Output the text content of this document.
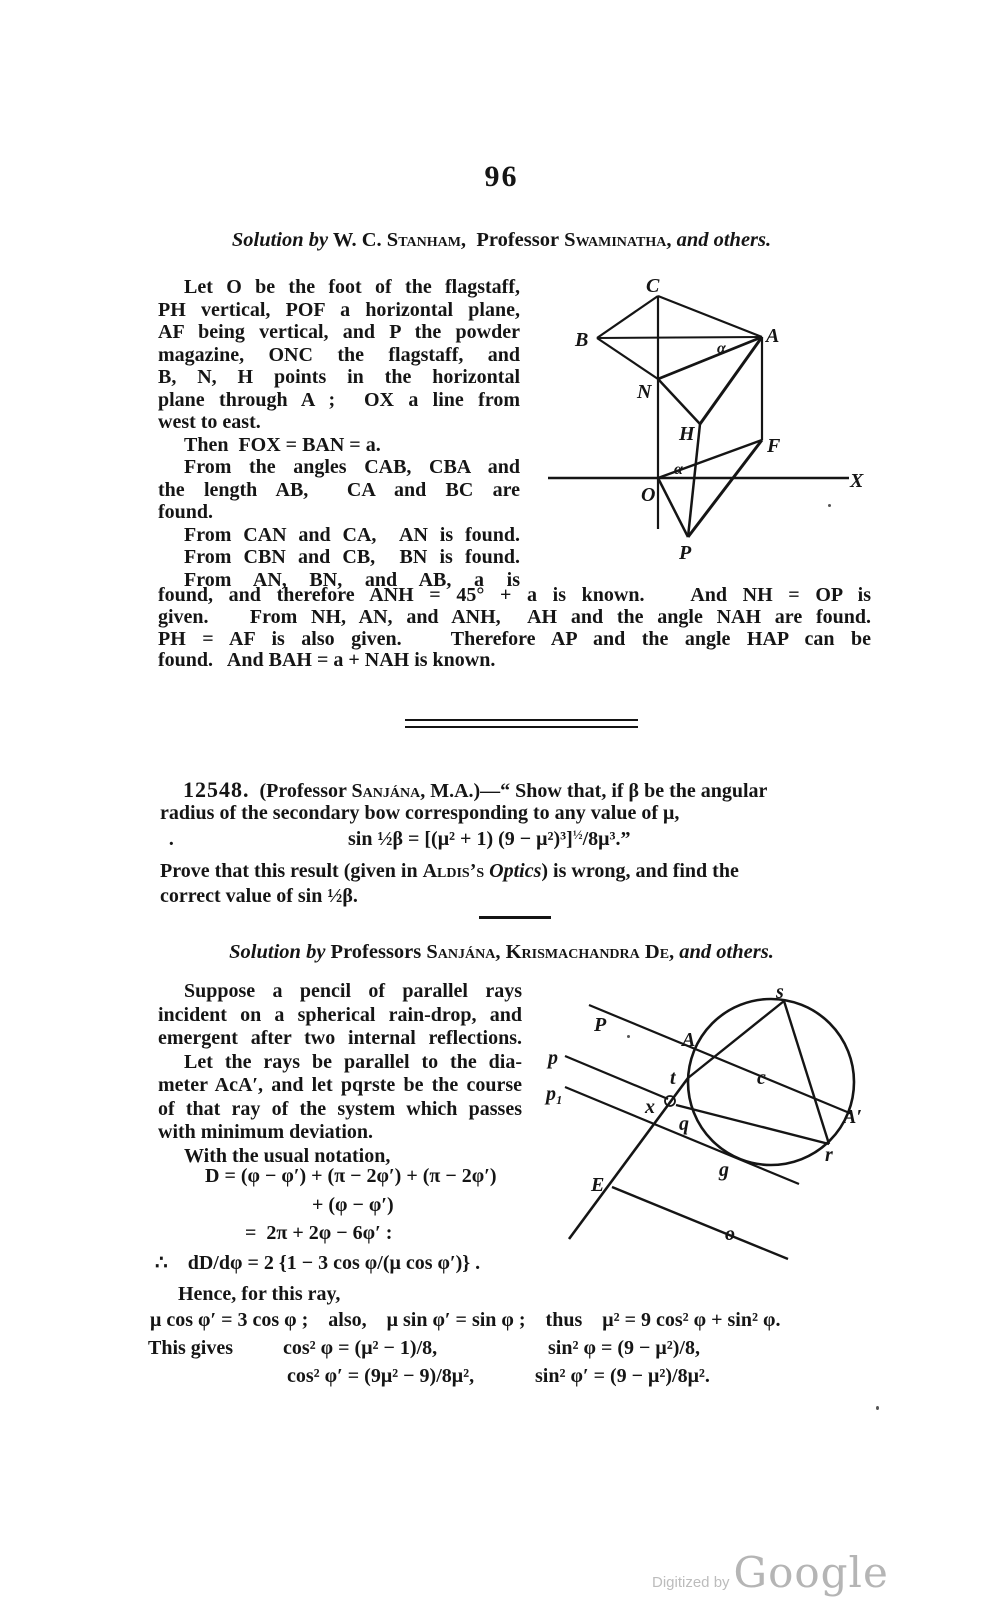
96
Solution by W. C. Stanham,  Professor Swaminatha, and others.
Let O be the foot of the flagstaff,
PH vertical, POF a horizontal plane,
AF being vertical, and P the powder
magazine,  ONC  the  flagstaff,  and
B, N, H points in the horizontal
plane through A ;  OX a line from
west to east.
Then  FOX = BAN = a.
From the angles CAB, CBA and
the length AB,  CA and BC are
found.
From CAN and CA,  AN is found.
From CBN and CB,  BN is found.
From  AN,  BN,  and  AB,  a  is
found, and therefore ANH = 45° + a is known.   And NH = OP is
given.   From NH, AN, and ANH,  AH and the angle NAH are found.
PH = AF is also given.   Therefore AP and the angle HAP can be
found.   And BAH = a + NAH is known.
C
B	A
N
H
F
O
P
X
α
α
12548.  (Professor Sanjána, M.A.)—“ Show that, if β be the angular
radius of the secondary bow corresponding to any value of μ,
·	sin ½β = [(μ² + 1) (9 − μ²)³]$^{\frac{1}{2}}$/8μ³.”
Prove that this result (given in Aldis’s Optics) is wrong, and find the
correct value of sin ½β.
Solution by Professors Sanjána, Krismachandra De, and others.
Suppose a pencil of parallel rays
incident on a spherical rain-drop, and
emergent after two internal reflections.
Let the rays be parallel to the dia-
meter AcA′, and let pqrste be the course
of that ray of the system which passes
with minimum deviation.
With the usual notation,
D = (φ − φ′) + (π − 2φ′) + (π − 2φ′)
+ (φ − φ′)
=  2π + 2φ − 6φ′ :
∴    dD/dφ = 2 {1 − 3 cos φ/(μ cos φ′)} .
Hence, for this ray,
μ cos φ′ = 3 cos φ ;    also,    μ sin φ′ = sin φ ;    thus    μ² = 9 cos² φ + sin² φ.
This gives cos² φ = (μ² − 1)/8,	sin² φ = (9 − μ²)/8,
cos² φ′ = (9μ² − 9)/8μ²,	sin² φ′ = (9 − μ²)/8μ².
s
P
p
p₁
A
t
x
q
c
A′
r
g
E
o
Digitized by Google
